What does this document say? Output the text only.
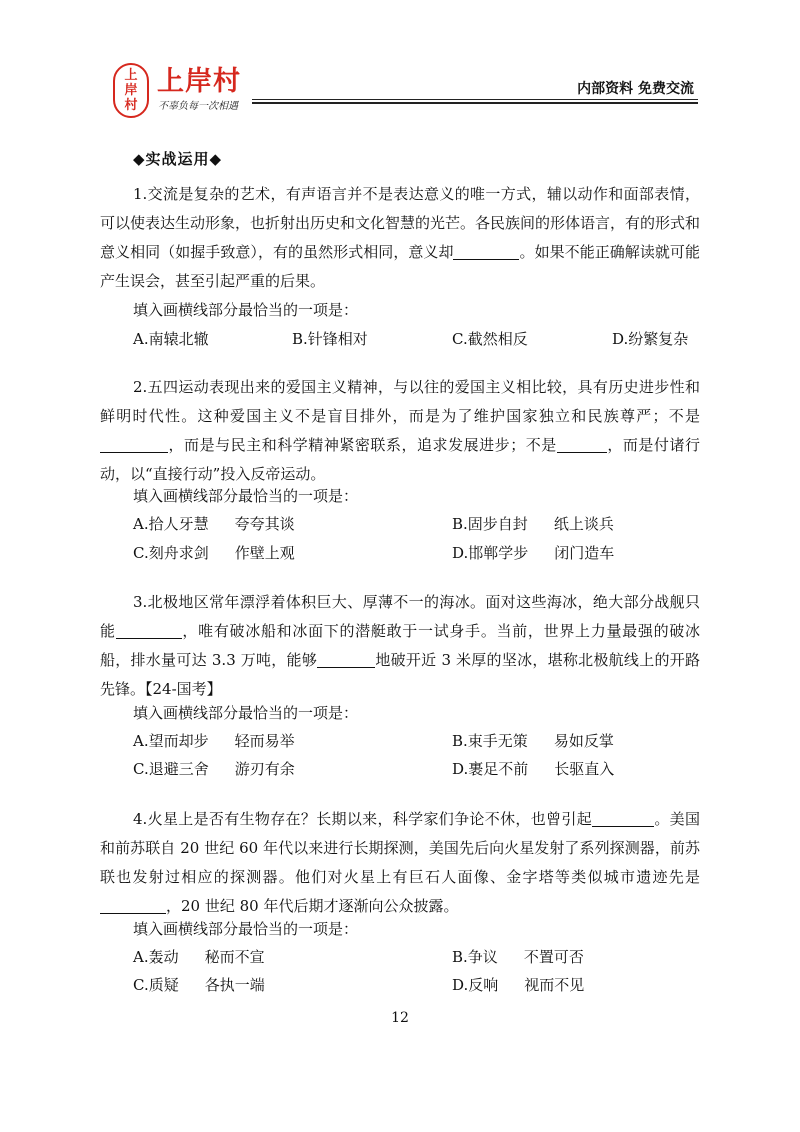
上
岸
村
上岸村
不辜负每一次相遇
内部资料 免费交流
◆实战运用◆
1.交流是复杂的艺术，有声语言并不是表达意义的唯一方式，辅以动作和面部表情，可以使表达生动形象，也折射出历史和文化智慧的光芒。各民族间的形体语言，有的形式和意义相同（如握手致意），有的虽然形式相同，意义却	。如果不能正确解读就可能产生误会，甚至引起严重的后果。
填入画横线部分最恰当的一项是：
A.南辕北辙	B.针锋相对	C.截然相反	D.纷繁复杂
2.五四运动表现出来的爱国主义精神，与以往的爱国主义相比较，具有历史进步性和鲜明时代性。这种爱国主义不是盲目排外，而是为了维护国家独立和民族尊严；不是，而是与民主和科学精神紧密联系，追求发展进步；不是	，而是付诸行动，以“直接行动”投入反帝运动。
填入画横线部分最恰当的一项是：
A.拾人牙慧 夸夸其谈	B.固步自封 纸上谈兵
C.刻舟求剑 作壁上观	D.邯郸学步 闭门造车
3.北极地区常年漂浮着体积巨大、厚薄不一的海冰。面对这些海冰，绝大部分战舰只能	，唯有破冰船和冰面下的潜艇敢于一试身手。当前，世界上力量最强的破冰船，排水量可达 3.3 万吨，能够	地破开近 3 米厚的坚冰，堪称北极航线上的开路先锋。【24-国考】
填入画横线部分最恰当的一项是：
A.望而却步 轻而易举	B.束手无策 易如反掌
C.退避三舍 游刃有余	D.裹足不前 长驱直入
4.火星上是否有生物存在？长期以来，科学家们争论不休，也曾引起	。美国和前苏联自 20 世纪 60 年代以来进行长期探测，美国先后向火星发射了系列探测器，前苏联也发射过相应的探测器。他们对火星上有巨石人面像、金字塔等类似城市遗迹先是，20 世纪 80 年代后期才逐渐向公众披露。
填入画横线部分最恰当的一项是：
A.轰动 秘而不宣	B.争议 不置可否
C.质疑 各执一端	D.反响 视而不见
12
